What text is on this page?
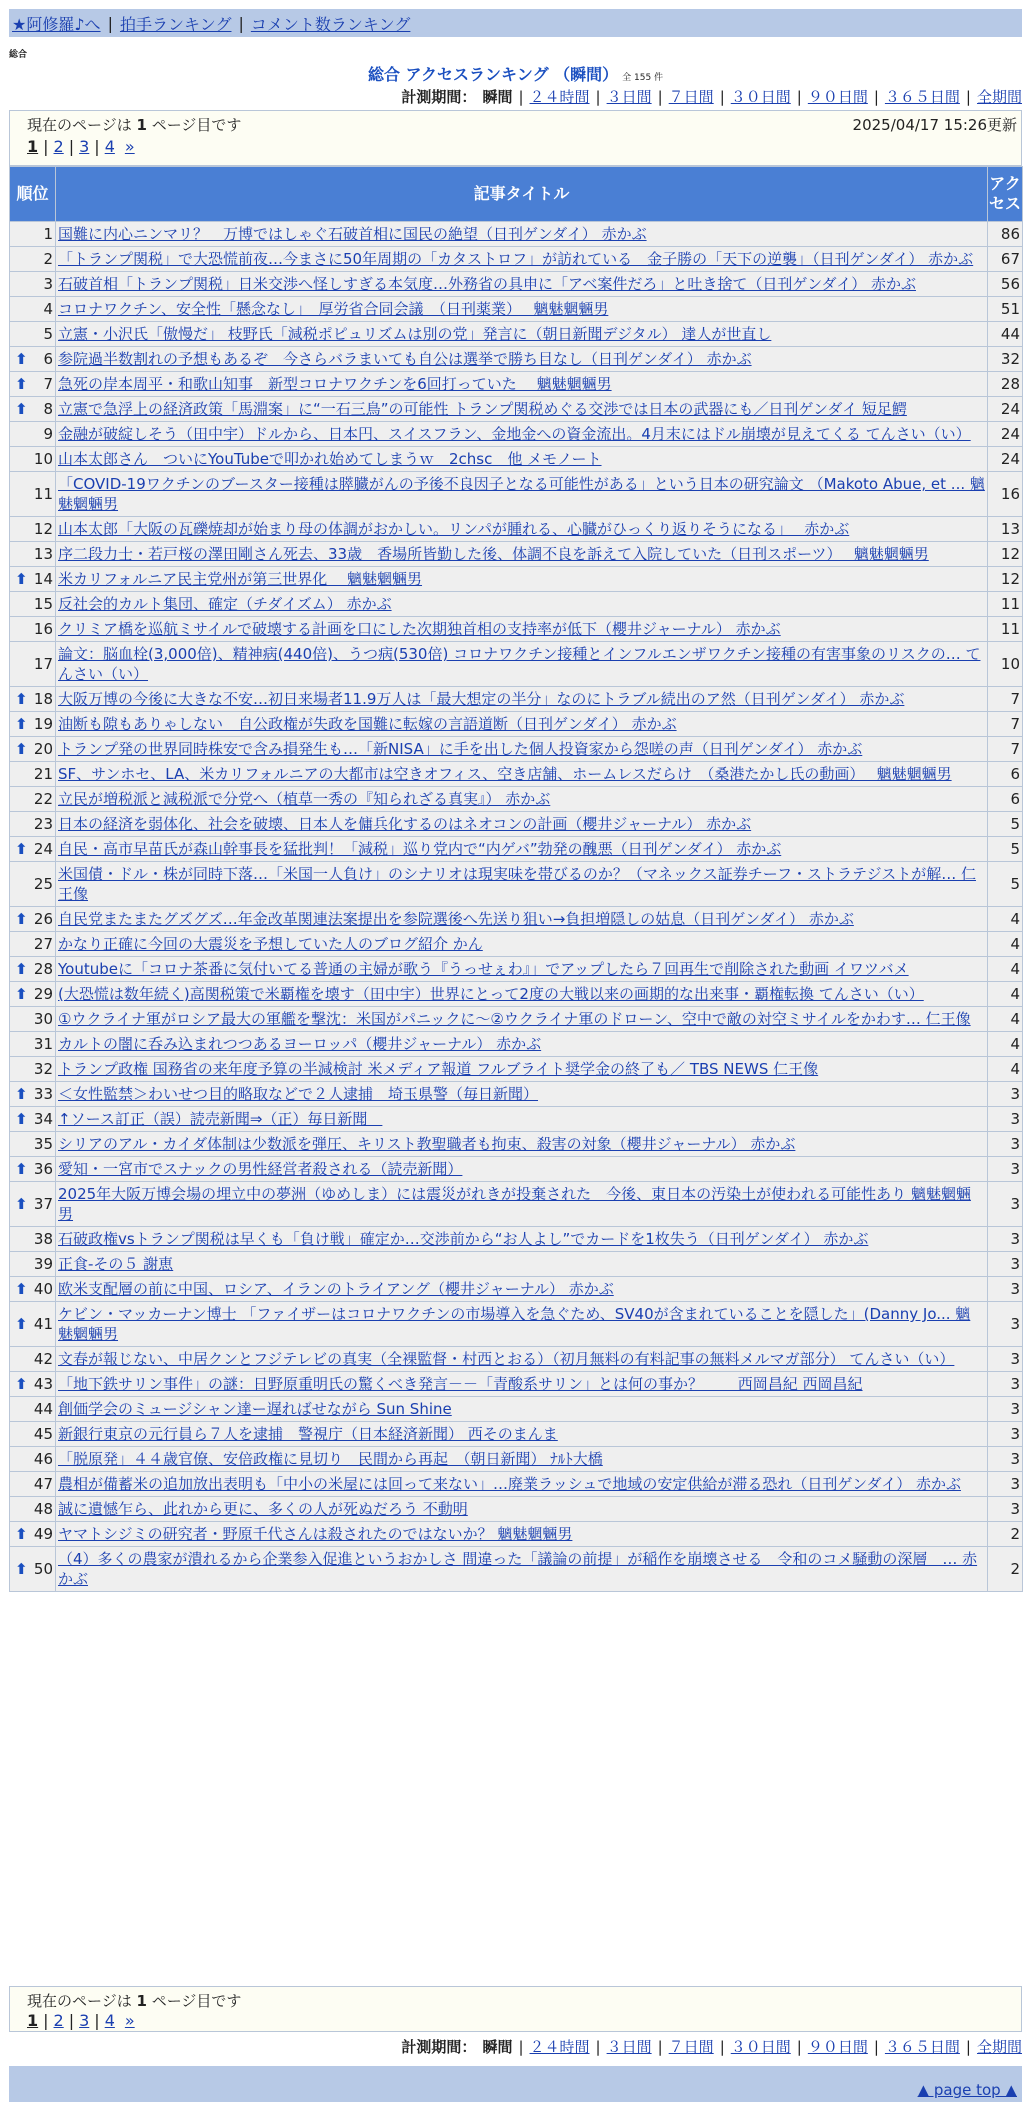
★阿修羅♪へ | 拍手ランキング | コメント数ランキング
総合
総合 アクセスランキング （瞬間） 全 155 件
計測期間： 瞬間 | ２４時間 | ３日間 | ７日間 | ３０日間 | ９０日間 | ３６５日間 | 全期間
現在のページは 1 ページ目です	2025/04/17 15:26更新
1 | 2 | 3 | 4 »
順位	記事タイトル	アクセス
1	国難に内心ニンマリ？　万博ではしゃぐ石破首相に国民の絶望（日刊ゲンダイ） 赤かぶ	86
2	「トランプ関税」で大恐慌前夜…今まさに50年周期の「カタストロフ」が訪れている　金子勝の「天下の逆襲」（日刊ゲンダイ） 赤かぶ	67
3	石破首相「トランプ関税」日米交渉へ怪しすぎる本気度…外務省の具申に「アベ案件だろ」と吐き捨て（日刊ゲンダイ） 赤かぶ	56
4	コロナワクチン、安全性「懸念なし」　厚労省合同会議　（日刊薬業）　 魑魅魍魎男	51
5	立憲・小沢氏「傲慢だ」 枝野氏「減税ポピュリズムは別の党」発言に（朝日新聞デジタル） 達人が世直し	44

⬆ 6	参院過半数割れの予想もあるぞ　今さらバラまいても自公は選挙で勝ち目なし（日刊ゲンダイ） 赤かぶ	32

⬆ 7	急死の岸本周平・和歌山知事　新型コロナワクチンを6回打っていた　 魑魅魍魎男	28

⬆ 8	立憲で急浮上の経済政策「馬淵案」に“一石三鳥”の可能性 トランプ関税めぐる交渉では日本の武器にも／日刊ゲンダイ 短足鰐	24
9	金融が破綻しそう（田中宇）ドルから、日本円、スイスフラン、金地金への資金流出。4月末にはドル崩壊が見えてくる てんさい（い）	24
10	山本太郎さん　ついにYouTubeで叩かれ始めてしまうｗ　2chsc　他 メモノート	24
11	「COVID-19ワクチンのブースター接種は膵臓がんの予後不良因子となる可能性がある」という日本の研究論文 （Makoto Abue, et ... 魑魅魍魎男	16
12	山本太郎「大阪の瓦礫焼却が始まり母の体調がおかしい。リンパが腫れる、心臓がひっくり返りそうになる」　 赤かぶ	13
13	序二段力士・若戸桜の澤田剛さん死去、33歳　香場所皆勤した後、体調不良を訴えて入院していた（日刊スポーツ）　 魑魅魍魎男	12

⬆ 14	米カリフォルニア民主党州が第三世界化　 魑魅魍魎男	12
15	反社会的カルト集団、確定（チダイズム） 赤かぶ	11
16	クリミア橋を巡航ミサイルで破壊する計画を口にした次期独首相の支持率が低下（櫻井ジャーナル） 赤かぶ	11
17	論文：脳血栓(3,000倍)、精神病(440倍)、うつ病(530倍) コロナワクチン接種とインフルエンザワクチン接種の有害事象のリスクの… てんさい（い）	10

⬆ 18	大阪万博の今後に大きな不安…初日来場者11.9万人は「最大想定の半分」なのにトラブル続出のア然（日刊ゲンダイ） 赤かぶ	7

⬆ 19	油断も隙もありゃしない　自公政権が失政を国難に転嫁の言語道断（日刊ゲンダイ） 赤かぶ	7

⬆ 20	トランプ発の世界同時株安で含み損発生も…「新NISA」に手を出した個人投資家から怨嗟の声（日刊ゲンダイ） 赤かぶ	7
21	SF、サンホセ、LA、米カリフォルニアの大都市は空きオフィス、空き店舗、ホームレスだらけ　（桑港たかし氏の動画）　 魑魅魍魎男	6
22	立民が増税派と減税派で分党へ（植草一秀の『知られざる真実』） 赤かぶ	6
23	日本の経済を弱体化、社会を破壊、日本人を傭兵化するのはネオコンの計画（櫻井ジャーナル） 赤かぶ	5

⬆ 24	自民・高市早苗氏が森山幹事長を猛批判！「減税」巡り党内で“内ゲバ”勃発の醜悪（日刊ゲンダイ） 赤かぶ	5
25	米国債・ドル・株が同時下落…「米国一人負け」のシナリオは現実味を帯びるのか？（マネックス証券チーフ・ストラテジストが解… 仁王像	5

⬆ 26	自民党またまたグズグズ…年金改革関連法案提出を参院選後へ先送り狙い→負担増隠しの姑息（日刊ゲンダイ） 赤かぶ	4
27	かなり正確に今回の大震災を予想していた人のブログ紹介 かん	4

⬆ 28	Youtubeに「コロナ茶番に気付いてる普通の主婦が歌う『うっせぇわ』」でアップしたら７回再生で削除された動画 イワツバメ	4

⬆ 29	(大恐慌は数年続く)高関税策で米覇権を壊す（田中宇）世界にとって2度の大戦以来の画期的な出来事・覇権転換 てんさい（い）	4
30	①ウクライナ軍がロシア最大の軍艦を撃沈：米国がパニックに～②ウクライナ軍のドローン、空中で敵の対空ミサイルをかわす… 仁王像	4
31	カルトの闇に呑み込まれつつあるヨーロッパ（櫻井ジャーナル） 赤かぶ	4
32	トランプ政権 国務省の来年度予算の半減検討 米メディア報道 フルブライト奨学金の終了も／ TBS NEWS 仁王像	4

⬆ 33	＜女性監禁＞わいせつ目的略取などで２人逮捕　埼玉県警（毎日新聞）	3

⬆ 34	↑ソース訂正（誤）読売新聞⇒（正）毎日新聞　	3
35	シリアのアル・カイダ体制は少数派を弾圧、キリスト教聖職者も拘束、殺害の対象（櫻井ジャーナル） 赤かぶ	3

⬆ 36	愛知・一宮市でスナックの男性経営者殺される（読売新聞）	3

⬆ 37	2025年大阪万博会場の埋立中の夢洲（ゆめしま）には震災がれきが投棄された　今後、東日本の汚染土が使われる可能性あり 魑魅魍魎男	3
38	石破政権vsトランプ関税は早くも「負け戦」確定か…交渉前から“お人よし”でカードを1枚失う（日刊ゲンダイ） 赤かぶ	3
39	正食-その５ 謝恵	3

⬆ 40	欧米支配層の前に中国、ロシア、イランのトライアング（櫻井ジャーナル） 赤かぶ	3

⬆ 41	ケビン・マッカーナン博士 「ファイザーはコロナワクチンの市場導入を急ぐため、SV40が含まれていることを隠した」(Danny Jo... 魑魅魍魎男	3
42	文春が報じない、中居クンとフジテレビの真実（全裸監督・村西とおる）（初月無料の有料記事の無料メルマガ部分） てんさい（い）	3

⬆ 43	「地下鉄サリン事件」の謎：日野原重明氏の驚くべき発言－－「青酸系サリン」とは何の事か？　　 西岡昌紀 西岡昌紀	3
44	創価学会のミュージシャン達ー遅ればせながら Sun Shine	3
45	新銀行東京の元行員ら７人を逮捕　警視庁（日本経済新聞） 西そのまんま	3
46	「脱原発」４４歳官僚、安倍政権に見切り　民間から再起　（朝日新聞） ﾅﾙﾄ大橋	3
47	農相が備蓄米の追加放出表明も「中小の米屋には回って来ない」…廃業ラッシュで地域の安定供給が滞る恐れ（日刊ゲンダイ） 赤かぶ	3
48	誠に遺憾乍ら、此れから更に、多くの人が死ぬだろう 不動明	3

⬆ 49	ヤマトシジミの研究者・野原千代さんは殺されたのではないか？ 魑魅魍魎男	2

⬆ 50	（4）多くの農家が潰れるから企業参入促進というおかしさ 間違った「議論の前提」が稲作を崩壊させる　令和のコメ騒動の深層　… 赤かぶ	2
現在のページは 1 ページ目です
1 | 2 | 3 | 4 »
計測期間： 瞬間 | ２４時間 | ３日間 | ７日間 | ３０日間 | ９０日間 | ３６５日間 | 全期間
▲ page top ▲
